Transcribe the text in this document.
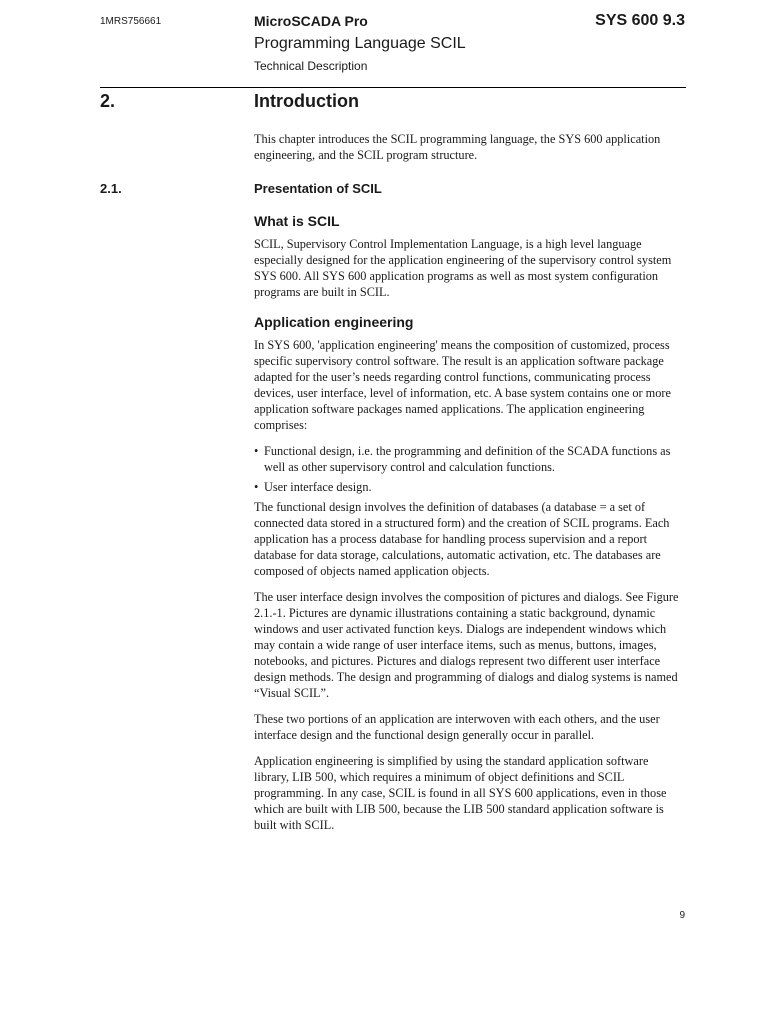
1MRS756661	MicroSCADA Pro	SYS 600 9.3
Programming Language SCIL
Technical Description
2.	Introduction

This chapter introduces the SCIL programming language, the SYS 600 application engineering, and the SCIL program structure.

2.1.	Presentation of SCIL
What is SCIL

SCIL, Supervisory Control Implementation Language, is a high level language especially designed for the application engineering of the supervisory control system SYS 600. All SYS 600 application programs as well as most system configuration programs are built in SCIL.

Application engineering

In SYS 600, 'application engineering' means the composition of customized, process specific supervisory control software. The result is an application software package adapted for the user’s needs regarding control functions, communicating process devices, user interface, level of information, etc. A base system contains one or more application software packages named applications. The application engineering comprises:

• Functional design, i.e. the programming and definition of the SCADA functions as well as other supervisory control and calculation functions.
• User interface design.

The functional design involves the definition of databases (a database = a set of connected data stored in a structured form) and the creation of SCIL programs. Each application has a process database for handling process supervision and a report database for data storage, calculations, automatic activation, etc. The databases are composed of objects named application objects.

The user interface design involves the composition of pictures and dialogs. See Figure 2.1.-1. Pictures are dynamic illustrations containing a static background, dynamic windows and user activated function keys. Dialogs are independent windows which may contain a wide range of user interface items, such as menus, buttons, images, notebooks, and pictures. Pictures and dialogs represent two different user interface design methods. The design and programming of dialogs and dialog systems is named “Visual SCIL”.

These two portions of an application are interwoven with each others, and the user interface design and the functional design generally occur in parallel.

Application engineering is simplified by using the standard application software library, LIB 500, which requires a minimum of object definitions and SCIL programming. In any case, SCIL is found in all SYS 600 applications, even in those which are built with LIB 500, because the LIB 500 standard application software is built with SCIL.

9
